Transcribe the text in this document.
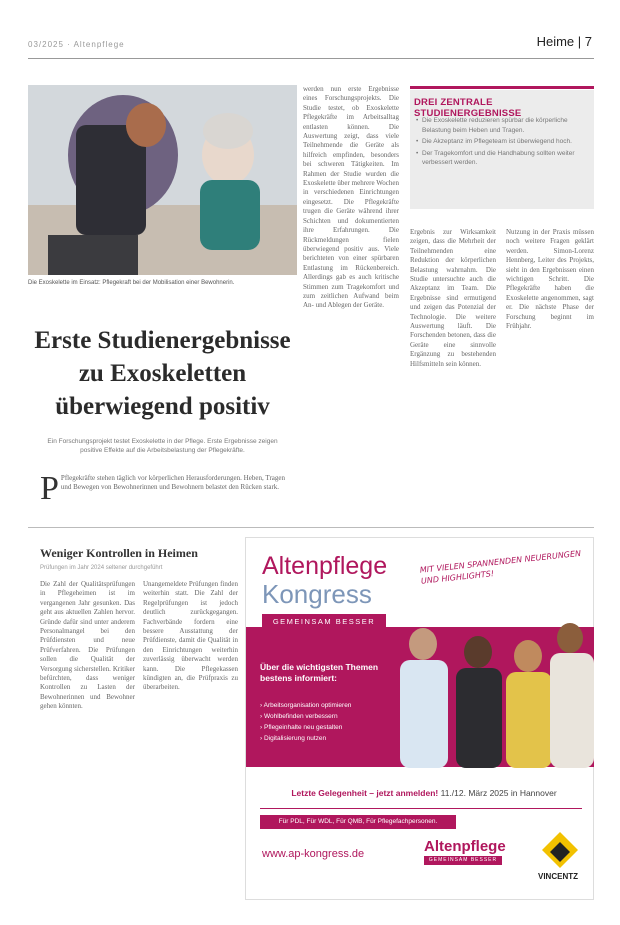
03/2025 · Altenpflege	Heime | 7
Die Exoskelette im Einsatz: Pflegekraft bei der Mobilisation einer Bewohnerin.
Erste Studienergebnisse
zu Exoskeletten
überwiegend positiv
Ein Forschungsprojekt testet Exoskelette in der Pflege. Erste Ergebnisse zeigen positive Effekte auf die Arbeitsbelastung der Pflegekräfte.
P Pflegekräfte stehen täglich vor körperlichen Herausforderungen. Heben, Tragen und Bewegen von Bewohnerinnen und Bewohnern belastet den Rücken stark.
werden nun erste Ergebnisse eines Forschungsprojekts. Die Studie testet, ob Exoskelette Pflegekräfte im Arbeitsalltag entlasten können. Die Auswertung zeigt, dass viele Teilnehmende die Geräte als hilfreich empfinden, besonders bei schweren Tätigkeiten. Im Rahmen der Studie wurden die Exoskelette über mehrere Wochen in verschiedenen Einrichtungen eingesetzt. Die Pflegekräfte trugen die Geräte während ihrer Schichten und dokumentierten ihre Erfahrungen. Die Rückmeldungen fielen überwiegend positiv aus. Viele berichteten von einer spürbaren Entlastung im Rückenbereich. Allerdings gab es auch kritische Stimmen zum Tragekomfort und zum zeitlichen Aufwand beim An- und Ablegen der Geräte.
Ergebnis zur Wirksamkeit zeigen, dass die Mehrheit der Teilnehmenden eine Reduktion der körperlichen Belastung wahrnahm. Die Studie untersuchte auch die Akzeptanz im Team. Die Ergebnisse sind ermutigend und zeigen das Potenzial der Technologie. Die weitere Auswertung läuft. Die Forschenden betonen, dass die Geräte eine sinnvolle Ergänzung zu bestehenden Hilfsmitteln sein können.
Nutzung in der Praxis müssen noch weitere Fragen geklärt werden. Simon-Lorenz Hennberg, Leiter des Projekts, sieht in den Ergebnissen einen wichtigen Schritt. Die Pflegekräfte haben die Exoskelette angenommen, sagt er. Die nächste Phase der Forschung beginnt im Frühjahr.
DREI ZENTRALE STUDIENERGEBNISSE
• Die Exoskelette reduzieren spürbar die körperliche Belastung beim Heben und Tragen.
• Die Akzeptanz im Pflegeteam ist überwiegend hoch.
• Der Tragekomfort und die Handhabung sollten weiter verbessert werden.
Weniger Kontrollen in Heimen
Prüfungen im Jahr 2024 seltener durchgeführt
Die Zahl der Qualitätsprüfungen in Pflegeheimen ist im vergangenen Jahr gesunken. Das geht aus aktuellen Zahlen hervor. Gründe dafür sind unter anderem Personalmangel bei den Prüfdiensten und neue Prüfverfahren. Die Prüfungen sollen die Qualität der Versorgung sicherstellen. Kritiker befürchten, dass weniger Kontrollen zu Lasten der Bewohnerinnen und Bewohner gehen könnten.
Unangemeldete Prüfungen finden weiterhin statt. Die Zahl der Regelprüfungen ist jedoch deutlich zurückgegangen. Fachverbände fordern eine bessere Ausstattung der Prüfdienste, damit die Qualität in den Einrichtungen weiterhin zuverlässig überwacht werden kann. Die Pflegekassen kündigten an, die Prüfpraxis zu überarbeiten.
Altenpflege
Kongress
MIT VIELEN SPANNENDEN NEUERUNGEN UND HIGHLIGHTS!
GEMEINSAM BESSER
Über die wichtigsten Themen bestens informiert:
› Arbeitsorganisation optimieren
› Wohlbefinden verbessern
› Pflegeinhalte neu gestalten
› Digitalisierung nutzen
Letzte Gelegenheit – jetzt anmelden! 11./12. März 2025 in Hannover
Für PDL, Für WDL, Für QMB, Für Pflegefachpersonen.
www.ap-kongress.de	Altenpflege
GEMEINSAM BESSER
VINCENTZ
